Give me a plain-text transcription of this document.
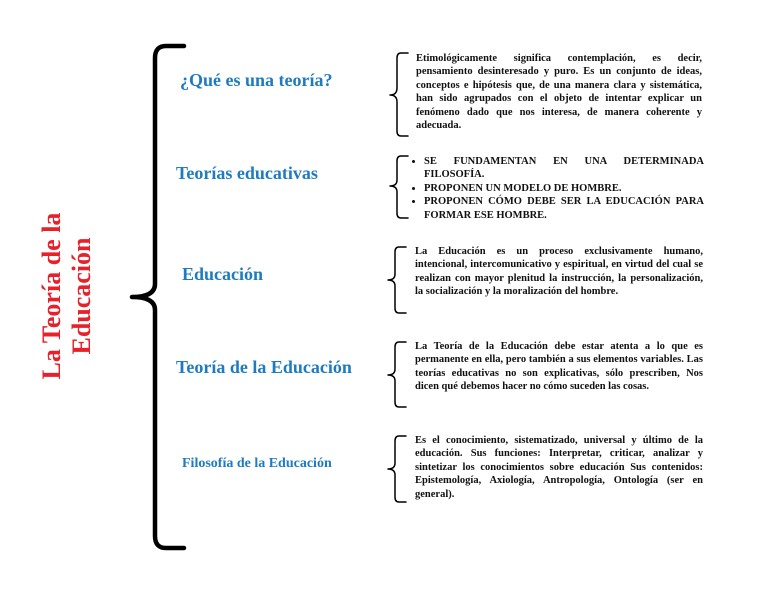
La Teoría de la Educación
¿Qué es una teoría?
Etimológicamente significa contemplación, es decir, pensamiento desinteresado y puro. Es un conjunto de ideas, conceptos e hipótesis que, de una manera clara y sistemática, han sido agrupados con el objeto de intentar explicar un fenómeno dado que nos interesa, de manera coherente y adecuada.
Teorías educativas
• SE FUNDAMENTAN EN UNA DETERMINADA FILOSOFÍA.
• PROPONEN UN MODELO DE HOMBRE.
• PROPONEN CÓMO DEBE SER LA EDUCACIÓN PARA FORMAR ESE HOMBRE.
Educación
La Educación es un proceso exclusivamente humano, intencional, intercomunicativo y espiritual, en virtud del cual se realizan con mayor plenitud la instrucción, la personalización, la socialización y la moralización del hombre.
Teoría de la Educación
La Teoría de la Educación debe estar atenta a lo que es permanente en ella, pero también a sus elementos variables. Las teorías educativas no son explicativas, sólo prescriben, Nos dicen qué debemos hacer no cómo suceden las cosas.
Filosofía de la Educación
Es el conocimiento, sistematizado, universal y último de la educación. Sus funciones: Interpretar, criticar, analizar y sintetizar los conocimientos sobre educación Sus contenidos: Epistemología, Axiología, Antropología, Ontología (ser en general).
